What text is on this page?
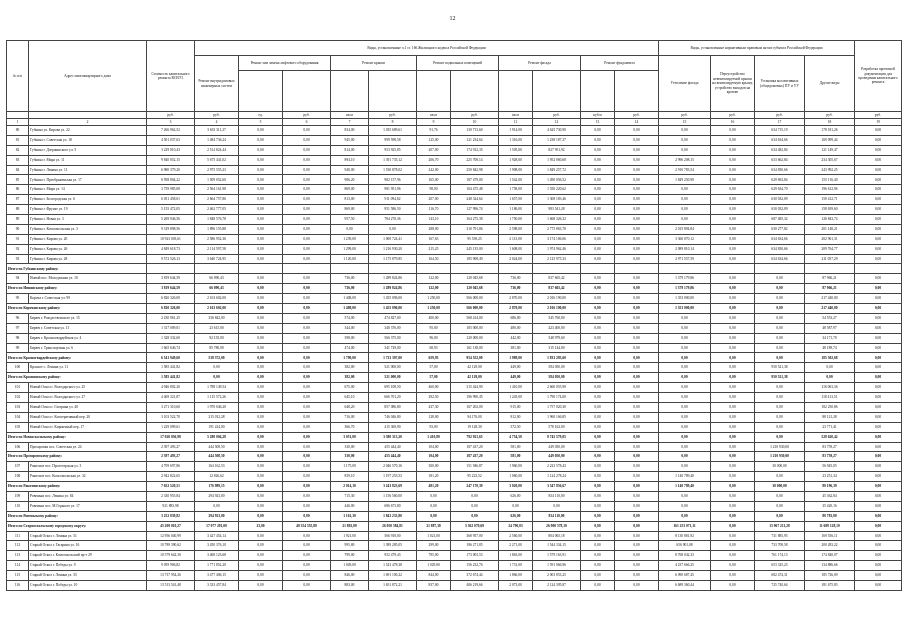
12
№ п/п	Адрес многоквартирного дома	Стоимость капитального ремонта ВСЕГО	Виды, установленные ч.1 ст. 166 Жилищного кодекса Российской Федерации											Виды, установленные нормативным правовым актом субъекта Российской Федерации				Разработка проектной документации для проведения капитального ремонта
			Ремонт внутридомовых инженерных систем	Ремонт или замена лифтового оборудования		Ремонт крыши		Ремонт подвальных помещений		Ремонт фасада		Ремонт фундамента		Утепление фасада	Переустройство невентилируемой крыши на вентилируемую крышу, устройство выходов на кровлю	Установка коллективных (общедомовых) ПУ и УУ	Другие виды	

		руб.	руб.	ед.	руб.	кв.м	руб.	кв.м	руб.	кв.м	руб.	куб.м	руб.	руб.	руб.	руб.	руб.	руб.
1	2	3	4	5	6	7	8	9	10	11	12	13	14	15	16	17	18	19
80	Губкина ул. Кирова ул. 22	7 266 962,52	3 633 311,27	0,00	0,00	834,00	1 035 689,61	91,76	130 713,60	1 914,00	4 625 730,90	0,00	0,00	0,00	0,00	634 715,19	178 181,26	0,00
81	Губкина г. Советская ул. 18	4 501 037,63	1 484 736,24	0,00	0,00	945,00	999 598,58	125,00	121 234,64	1 316,00	1 238 187,37	0,00	0,00	0,00	0,00	634 634,66	169 099,44	0,00
82	Губкина г. Дзержинского ул. 5	3 229 010,43	2 512 824,44	0,00	0,00	814,00	953 925,85	207,00	174 912,35	1 505,00	827 951,92	0,00	0,00	0,00	0,00	634 482,84	121 149,47	0,00
83	Губкина г. Мира ул. 11	9 840 052,15	5 675 441,02	0,00	0,00	894,10	1 391 735,12	206,70	225 708,14	1 928,00	1 952 060,68	0,00	0,00	2 996 208,15	0,00	633 662,84	234 305,67	0,00
84	Губкина г. Ленина ул. 11	6 980 379,20	2 975 555,23	0,00	0,00	940,00	1 530 878,02	242,00	250 842,98	1 908,00	1 849 257,72	0,00	0,00	2 910 783,54	0,00	634 830,66	243 992,25	0,00
85	Губкина г. Преображенская ул. 17	6 958 804,22	1 509 052,60	0,00	0,00	906,20	982 157,96	165,00	187 479,00	1 542,00	1 490 056,52	0,00	0,00	1 849 250,90	0,00	629 692,84	155 116,40	0,00
86	Губкина г. Мира ул. 14	3 759 985,08	2 564 161,98	0,00	0,00	869,00	981 951,96	98,00	104 475,48	1 758,00	1 550 220,62	0,00	0,00	0,00	0,00	629 634,70	196 612,96	0,00
87	Губкина г. Белгородская ул. 6	6 051 458,01	2 664 757,86	0,00	0,00	813,00	911 094,82	207,00	248 324,64	1 657,00	1 308 183,46	0,00	0,00	0,00	0,00	630 032,09	150 412,71	0,00
88	Губкина г. Фрунзе ул. 19	5 155 472,05	2 462 777,05	0,00	0,00	869,00	951 586,50	116,70	127 996,74	1 186,00	983 541,28	0,00	0,00	0,00	0,00	630 032,09	158 659,60	0,00
89	Губкина г. Новая ул. 3	5 269 946,56	1 848 576,78	0,00	0,00	957,50	784 270,36	143,10	164 275,38	1 750,00	1 668 326,32	0,00	0,00	0,00	0,00	687 485,32	126 843,74	0,00
90	Губкина г. Комсомольская ул. 3	9 319 898,56	1 896 155,88	0,00	0,00	0,00	0,00	288,00	310 791,86	2 598,00	2 775 863,70	0,00	0,00	2 015 894,84	0,00	630 277,82	201 148,21	0,00
91	Губкина г. Кирова ул. 20	10 923 003,61	2 586 952,36	0,00	0,00	1 239,00	1 069 724,41	167,63	95 539,25	2 113,00	3 174 106,06	0,00	0,00	3 360 070,12	0,00	634 634,66	202 961,31	0,00
92	Губкина г. Кирова ул. 26	4 849 618,73	2 114 597,58	0,00	0,00	1 299,00	1 216 930,20	215,25	245 135,00	1 608,00	1 974 962,46	0,00	0,00	2 089 810,14	0,00	634 830,66	209 764,77	0,00
93	Губкина г. Кирова ул. 28	9 572 526,13	3 640 724,95	0,00	0,00	1 120,00	1 175 879,85	164,50	185 908,49	2 024,00	2 125 975,33	0,00	0,00	2 971 557,59	0,00	634 634,66	211 057,29	0,00
Итого по Губкинскому району:																		
94	Новый пос. Молодежная ул. 10	3 819 644,59	66 090,43	0,00	0,00	736,00	1 289 824,86	122,00	120 045,68	736,00	837 665,42	0,00	0,00	1 379 179,86	0,00	0,00	87 966,21	0,00
Итого по Ивнянскому району:		3 819 644,59	66 090,43	0,00	0,00	736,00	1 289 824,86	122,00	120 045,68	736,00	837 665,42	0,00	0,00	1 379 179,86	0,00	0,00	87 966,21	0,00
95	Короча г. Советская ул. 99	6 820 326,00	2 163 602,00	0,00	0,00	1 408,00	1 455 096,00	1 250,00	566 000,00	2 870,00	2 016 190,00	0,00	0,00	1 353 000,00	0,00	0,00	217 440,00	0,00
Итого по Корочанскому району:		6 820 326,00	2 163 602,00	0,00	0,00	1 408,00	1 455 096,00	1 250,00	566 000,00	2 870,00	2 016 190,00	0,00	0,00	1 353 000,00	0,00	0,00	217 440,00	0,00
96	Бирюч г. Рождественского ул. 15	2 230 961,25	336 842,00	0,00	0,00	574,00	474 827,00	400,00	568 414,00	686,00	545 760,00	0,00	0,00	0,00	0,00	0,00	54 553,27	0,00
97	Бирюч г. Советская ул. 11	1 317 009,01	23 615,00	0,00	0,00	344,00	340 376,00	95,00	105 000,00	480,00	423 400,00	0,00	0,00	0,00	0,00	0,00	48 587,97	0,00
98	Бирюч г. Красногвардейская ул. 4	1 328 332,60	92 135,00	0,00	0,00	398,00	566 375,00	96,00	120 000,00	442,00	548 979,60	0,00	0,00	0,00	0,00	0,00	34 171,70	0,00
99	Бирюч г. Транспортная ул. 6	1 665 646,74	85 780,00	0,00	0,00	474,00	341 729,00	68,93	161 138,00	381,00	315 144,00	0,00	0,00	0,00	0,00	0,00	48 189,74	0,00
Итого по Красногвардейскому району:		6 541 949,60	538 372,00	0,00	0,00	1 790,00	1 723 307,00	659,93	954 552,00	1 989,00	1 833 283,60	0,00	0,00	0,00	0,00	0,00	185 502,68	0,00
100	Красное с. Ленина ул. 11	1 585 441,82	0,00	0,00	0,00	382,00	521 000,00	57,00	42 129,00	449,00	584 050,00	0,00	0,00	0,00	0,00	950 521,38	0,00	0,00
Итого по Краснинскому району:		1 585 441,82	0,00	0,00	0,00	382,00	521 000,00	57,00	42 129,00	449,00	584 050,00	0,00	0,00	0,00	0,00	950 521,38	0,00	0,00
101	Новый Оскол г. Володарского ул. 25	4 946 802,20	1 788 149,54	0,00	0,00	675,00	695 108,50	460,00	315 424,90	1 410,00	2 660 055,90	0,00	0,00	0,00	0,00	0,00	116 063,36	0,00
102	Новый Оскол г. Володарского ул. 27	4 469 321,87	1 115 572,26	0,00	0,00	645,10	666 701,20	292,50	196 990,45	1 245,00	1 790 174,00	0,00	0,00	0,00	0,00	0,00	118 413,51	0,00
103	Новый Оскол г. Гагарина ул. 40	3 271 310,60	1 970 046,20	0,00	0,00	648,20	857 086,80	437,30	167 202,00	915,00	1 757 020,30	0,00	0,00	0,00	0,00	0,00	182 250,86	0,00
104	Новый Оскол г. Кооперативный пер. 20	3 103 522,70	215 012,28	0,00	0,00	716,00	746 046,80	128,00	94 176,00	812,00	1 960 166,85	0,00	0,00	0,00	0,00	0,00	88 121,28	0,00
105	Новый Оскол г. Кирпичный пер. 17	1 229 099,61	191 224,00	0,00	0,00	366,70	415 369,90	93,00	19 128,30	372,50	578 162,00	0,00	0,00	0,00	0,00	0,00	23 771,41	0,00
Итого по Новооскольскому району:		17 020 056,98	5 280 004,28	0,00	0,00	3 051,00	3 380 313,20	1 410,80	792 921,65	4 754,50	8 745 579,05	0,00	0,00	0,00	0,00	0,00	528 620,42	0,00
106	Прохоровка пос. Советская ул. 24	2 397 493,27	444 508,50	0,00	0,00	330,00	455 444,40	104,00	187 437,20	581,00	449 050,00	0,00	0,00	0,00	0,00	1 210 930,00	83 759,27	0,00
Итого по Прохоровскому району:		2 397 493,27	444 508,50	0,00	0,00	330,00	455 444,40	104,00	187 437,20	581,00	449 050,00	0,00	0,00	0,00	0,00	1 210 930,00	83 759,27	0,00
107	Ракитное пос. Пролетарская ул. 3	4 709 697,86	164 162,53	0,00	0,00	1 175,00	2 046 570,16	300,00	151 946,87	1 960,00	2 223 578,43	0,00	0,00	0,00	0,00	30 000,00	56 945,05	0,00
108	Ракитное пос. Комсомольская ул. 32	2 942 822,65	12 826,62	0,00	0,00	839,10	1 197 253,53	181,20	95 223,52	1 060,00	1 124 278,24	0,00	0,00	1 140 789,40	0,00	0,00	23 251,34	0,00
Итого по Ракитянскому району:		7 652 520,51	176 989,15	0,00	0,00	2 014,10	3 243 823,69	481,20	247 170,39	3 020,00	3 347 856,67	0,00	0,00	1 140 789,40	0,00	30 000,00	80 196,39	0,00
109	Ровеньки пос. Ленина ул. 84	2 330 955,84	294 923,00	0,00	0,00	715,30	1 156 560,00	0,00	0,00	626,00	834 110,00	0,00	0,00	0,00	0,00	0,00	45 362,84	0,00
110	Ровеньки пос. М.Горького ул. 17	921 883,98	0,00	0,00	0,00	446,00	686 673,80	0,00	0,00	0,00	0,00	0,00	0,00	0,00	0,00	0,00	35 420,16	0,00
Итого по Ровеньскому району:		3 252 839,82	294 923,00	0,00	0,00	1 161,30	1 843 233,80	0,00	0,00	626,00	834 110,00	0,00	0,00	0,00	0,00	0,00	80 783,00	0,00
Итого по Старооскольскому городскому округу:		45 209 010,27	17 077 201,00	23,00	40 354 555,80	21 892,09	26 050 584,81	21 887,38	5 362 070,69	24 790,03	26 900 578,10	0,00	0,00	161 253 071,11	0,00	15 967 211,28	11 688 128,10	0,00
111	Старый Оскол г. Ленина ул. 31	12 956 040,99	3 427 454,14	0,00	0,00	1 921,00	566 918,00	1 021,00	368 957,00	2 560,00	804 065,18	0,00	0,00	8 130 881,92	0,00	731 885,95	169 556,11	0,00
112	Старый Оскол г. Гагарина ул. 16	10 789 390,62	3 450 376,10	0,00	0,00	995,80	1 389 285,05	299,00	186 271,85	2 271,00	1 544 334,15	0,00	0,00	656 901,08	0,00	733 708,58	200 283,22	0,00
113	Старый Оскол г. Комсомольский пр-т 29	10 579 642,30	3 460 123,68	0,00	0,00	799,00	952 479,43	795,00	173 003,53	1 863,00	1 579 163,91	0,00	0,00	8 768 042,33	0,00	761 174,13	174 840,07	0,00
114	Старый Оскол г. Победы ул. 9	9 059 906,82	1 771 852,20	0,00	0,00	1 049,00	1 523 478,38	1 029,80	156 232,76	1 731,00	1 591 066,96	0,00	0,00	4 237 666,25	0,00	653 325,23	134 886,66	0,00
115	Старый Оскол г. Ленина ул. 35	13 737 954,26	3 477 406,15	0,00	0,00	846,00	1 691 100,22	844,00	372 674,44	1 866,00	2 003 853,25	0,00	0,00	6 090 687,45	0,00	682 474,31	185 726,09	0,00
116	Старый Оскол г. Победы ул. 10	13 513 541,48	3 333 457,84	0,00	0,00	883,00	1 651 872,21	837,00	406 219,66	2 073,00	2 124 395,87	0,00	0,00	6 689 360,44	0,00	725 740,64	181 675,83	0,00
